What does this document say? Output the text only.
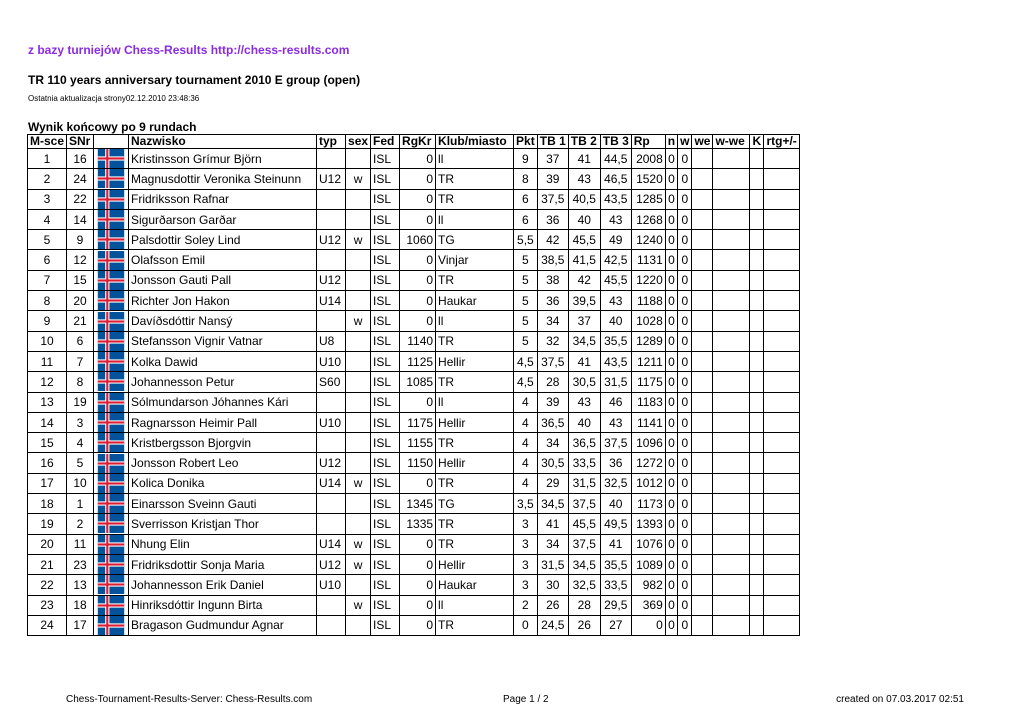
z bazy turniejów Chess-Results http://chess-results.com
TR 110 years anniversary tournament 2010 E group (open)
Ostatnia aktualizacja strony02.12.2010 23:48:36
Wynik końcowy po 9 rundach
M-sce	SNr		Nazwisko	typ	sex	Fed	RgKr	Klub/miasto	Pkt	TB 1	TB 2	TB 3	Rp	n	w	we	w-we	K	rtg+/-
1	16		Kristinsson Grímur Björn			ISL	0	ll	9	37	41	44,5	2008	0	0				
2	24		Magnusdottir Veronika Steinunn	U12	w	ISL	0	TR	8	39	43	46,5	1520	0	0				
3	22		Fridriksson Rafnar			ISL	0	TR	6	37,5	40,5	43,5	1285	0	0				
4	14		Sigurðarson Garðar			ISL	0	ll	6	36	40	43	1268	0	0				
5	9		Palsdottir Soley Lind	U12	w	ISL	1060	TG	5,5	42	45,5	49	1240	0	0				
6	12		Olafsson Emil			ISL	0	Vinjar	5	38,5	41,5	42,5	1131	0	0				
7	15		Jonsson Gauti Pall	U12		ISL	0	TR	5	38	42	45,5	1220	0	0				
8	20		Richter Jon Hakon	U14		ISL	0	Haukar	5	36	39,5	43	1188	0	0				
9	21		Davíðsdóttir Nansý		w	ISL	0	ll	5	34	37	40	1028	0	0				
10	6		Stefansson Vignir Vatnar	U8		ISL	1140	TR	5	32	34,5	35,5	1289	0	0				
11	7		Kolka Dawid	U10		ISL	1125	Hellir	4,5	37,5	41	43,5	1211	0	0				
12	8		Johannesson Petur	S60		ISL	1085	TR	4,5	28	30,5	31,5	1175	0	0				
13	19		Sólmundarson Jóhannes Kári			ISL	0	ll	4	39	43	46	1183	0	0				
14	3		Ragnarsson Heimir Pall	U10		ISL	1175	Hellir	4	36,5	40	43	1141	0	0				
15	4		Kristbergsson Bjorgvin			ISL	1155	TR	4	34	36,5	37,5	1096	0	0				
16	5		Jonsson Robert Leo	U12		ISL	1150	Hellir	4	30,5	33,5	36	1272	0	0				
17	10		Kolica Donika	U14	w	ISL	0	TR	4	29	31,5	32,5	1012	0	0				
18	1		Einarsson Sveinn Gauti			ISL	1345	TG	3,5	34,5	37,5	40	1173	0	0				
19	2		Sverrisson Kristjan Thor			ISL	1335	TR	3	41	45,5	49,5	1393	0	0				
20	11		Nhung Elin	U14	w	ISL	0	TR	3	34	37,5	41	1076	0	0				
21	23		Fridriksdottir Sonja Maria	U12	w	ISL	0	Hellir	3	31,5	34,5	35,5	1089	0	0				
22	13		Johannesson Erik Daniel	U10		ISL	0	Haukar	3	30	32,5	33,5	982	0	0				
23	18		Hinriksdóttir Ingunn Birta		w	ISL	0	ll	2	26	28	29,5	369	0	0				
24	17		Bragason Gudmundur Agnar			ISL	0	TR	0	24,5	26	27	0	0	0				
Chess-Tournament-Results-Server: Chess-Results.com	Page 1 / 2	created on 07.03.2017 02:51
